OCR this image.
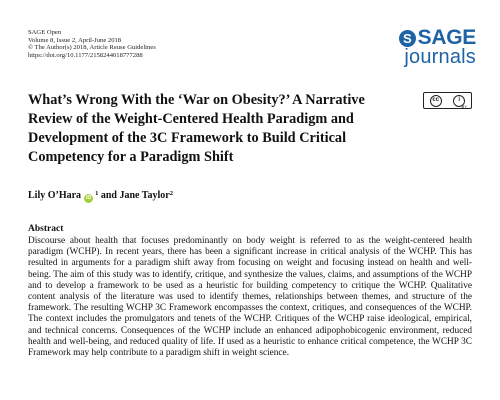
SAGE Open
Volume 8, Issue 2, April-June 2018
© The Author(s) 2018, Article Reuse Guidelines
https://doi.org/10.1177/2158244018777288
S SAGE
journals
What’s Wrong With the ‘War on Obesity?’ A Narrative Review of the Weight-Centered Health Paradigm and Development of the 3C Framework to Build Critical Competency for a Paradigm Shift
cc	i
BY
Lily O’Hara iD
$^1$ and Jane Taylor$^2$
Abstract

Discourse about health that focuses predominantly on body weight is referred to as the weight-centered health paradigm (WCHP). In recent years, there has been a significant increase in critical analysis of the WCHP. This has resulted in arguments for a paradigm shift away from focusing on weight and focusing instead on health and well-being. The aim of this study was to identify, critique, and synthesize the values, claims, and assumptions of the WCHP and to develop a framework to be used as a heuristic for building competency to critique the WCHP. Qualitative content analysis of the literature was used to identify themes, relationships between themes, and structure of the framework. The resulting WCHP 3C Framework encompasses the context, critiques, and consequences of the WCHP. The context includes the promulgators and tenets of the WCHP. Critiques of the WCHP raise ideological, empirical, and technical concerns. Consequences of the WCHP include an enhanced adipophobicogenic environment, reduced health and well-being, and reduced quality of life. If used as a heuristic to enhance critical competence, the WCHP 3C Framework may help contribute to a paradigm shift in weight science.
